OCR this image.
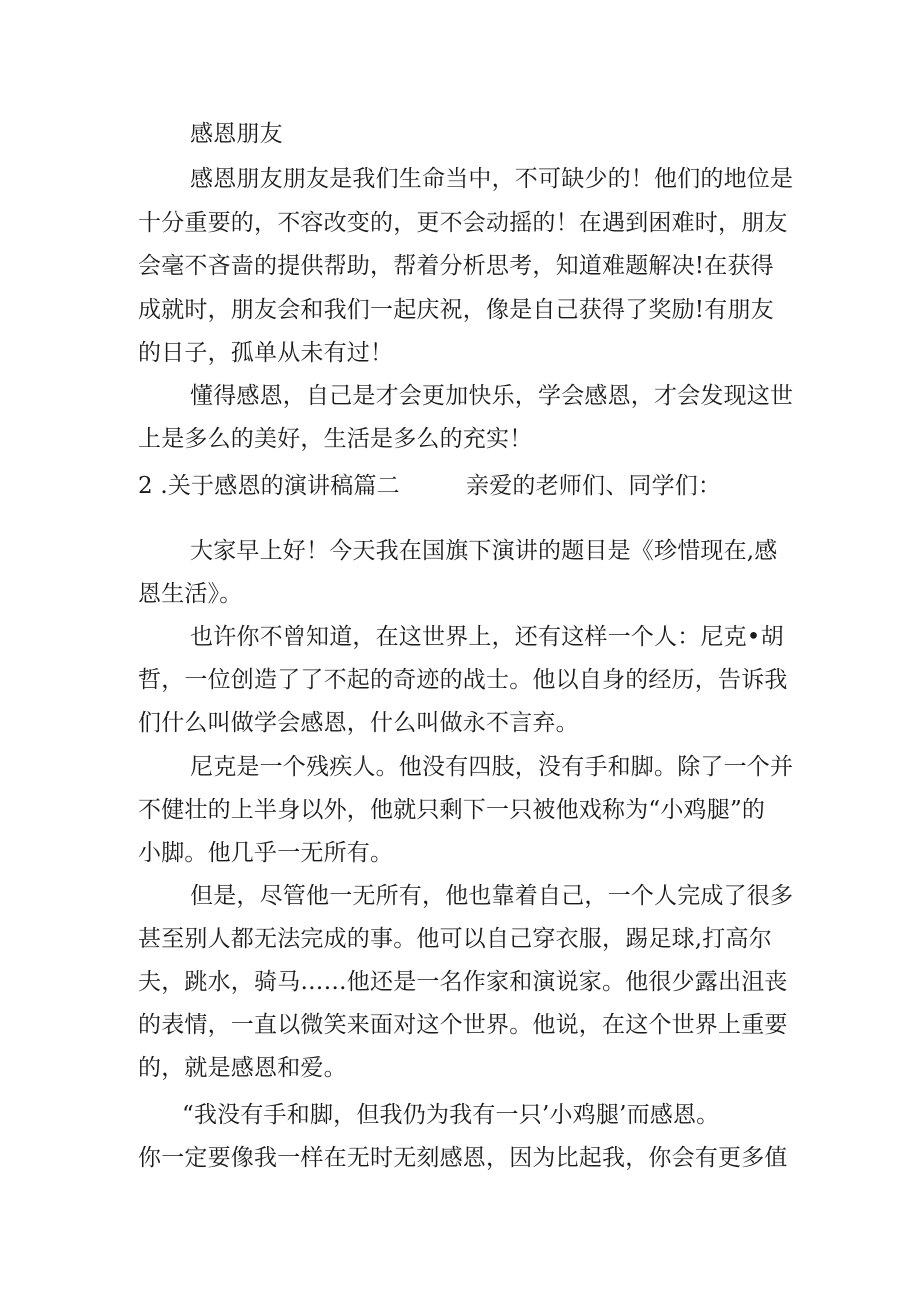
感恩朋友

感恩朋友朋友是我们生命当中，不可缺少的！他们的地位是

十分重要的，不容改变的，更不会动摇的！在遇到困难时，朋友

会毫不吝啬的提供帮助，帮着分析思考，知道难题解决!在获得

成就时，朋友会和我们一起庆祝，像是自己获得了奖励!有朋友

的日子，孤单从未有过！

懂得感恩，自己是才会更加快乐，学会感恩，才会发现这世

上是多么的美好，生活是多么的充实！

2 .关于感恩的演讲稿篇二	亲爱的老师们、同学们：

大家早上好！今天我在国旗下演讲的题目是《珍惜现在,感

恩生活》。

也许你不曾知道，在这世界上，还有这样一个人：尼克•胡

哲，一位创造了了不起的奇迹的战士。他以自身的经历，告诉我

们什么叫做学会感恩，什么叫做永不言弃。

尼克是一个残疾人。他没有四肢，没有手和脚。除了一个并

不健壮的上半身以外，他就只剩下一只被他戏称为“小鸡腿”的

小脚。他几乎一无所有。

但是，尽管他一无所有，他也靠着自己，一个人完成了很多

甚至别人都无法完成的事。他可以自己穿衣服，踢足球,打高尔

夫，跳水，骑马……他还是一名作家和演说家。他很少露出沮丧

的表情，一直以微笑来面对这个世界。他说，在这个世界上重要

的，就是感恩和爱。

“我没有手和脚，但我仍为我有一只’小鸡腿’而感恩。

你一定要像我一样在无时无刻感恩，因为比起我，你会有更多值
